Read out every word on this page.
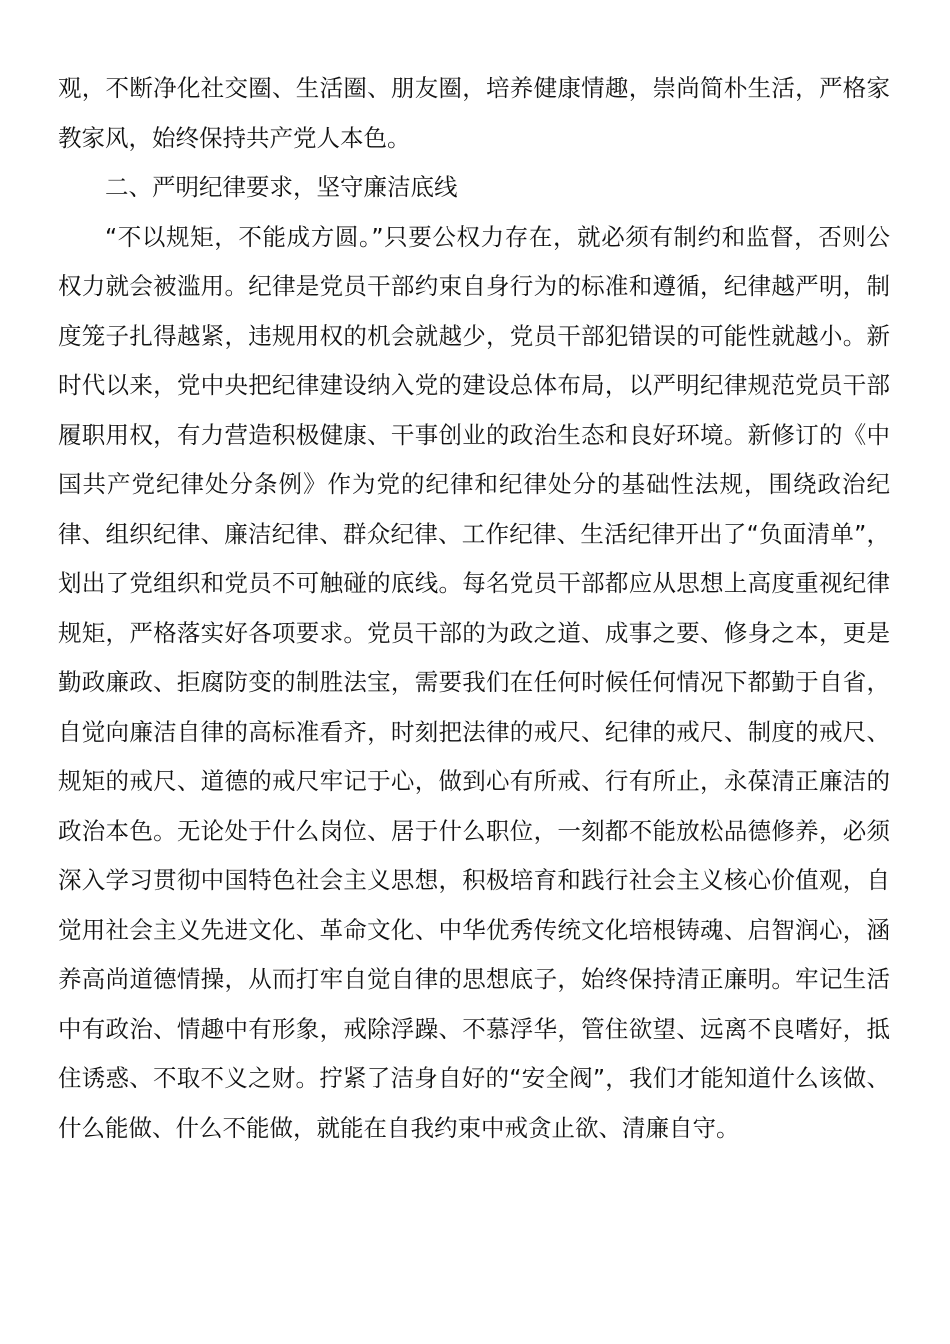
观，不断净化社交圈、生活圈、朋友圈，培养健康情趣，崇尚简朴生活，严格家教家风，始终保持共产党人本色。

二、严明纪律要求，坚守廉洁底线

“不以规矩，不能成方圆。”只要公权力存在，就必须有制约和监督，否则公权力就会被滥用。纪律是党员干部约束自身行为的标准和遵循，纪律越严明，制度笼子扎得越紧，违规用权的机会就越少，党员干部犯错误的可能性就越小。新时代以来，党中央把纪律建设纳入党的建设总体布局，以严明纪律规范党员干部履职用权，有力营造积极健康、干事创业的政治生态和良好环境。新修订的《中国共产党纪律处分条例》作为党的纪律和纪律处分的基础性法规，围绕政治纪律、组织纪律、廉洁纪律、群众纪律、工作纪律、生活纪律开出了“负面清单”，划出了党组织和党员不可触碰的底线。每名党员干部都应从思想上高度重视纪律规矩，严格落实好各项要求。党员干部的为政之道、成事之要、修身之本，更是勤政廉政、拒腐防变的制胜法宝，需要我们在任何时候任何情况下都勤于自省，自觉向廉洁自律的高标准看齐，时刻把法律的戒尺、纪律的戒尺、制度的戒尺、规矩的戒尺、道德的戒尺牢记于心，做到心有所戒、行有所止，永葆清正廉洁的政治本色。无论处于什么岗位、居于什么职位，一刻都不能放松品德修养，必须深入学习贯彻中国特色社会主义思想，积极培育和践行社会主义核心价值观，自觉用社会主义先进文化、革命文化、中华优秀传统文化培根铸魂、启智润心，涵养高尚道德情操，从而打牢自觉自律的思想底子，始终保持清正廉明。牢记生活中有政治、情趣中有形象，戒除浮躁、不慕浮华，管住欲望、远离不良嗜好，抵住诱惑、不取不义之财。拧紧了洁身自好的“安全阀”，我们才能知道什么该做、什么能做、什么不能做，就能在自我约束中戒贪止欲、清廉自守。
